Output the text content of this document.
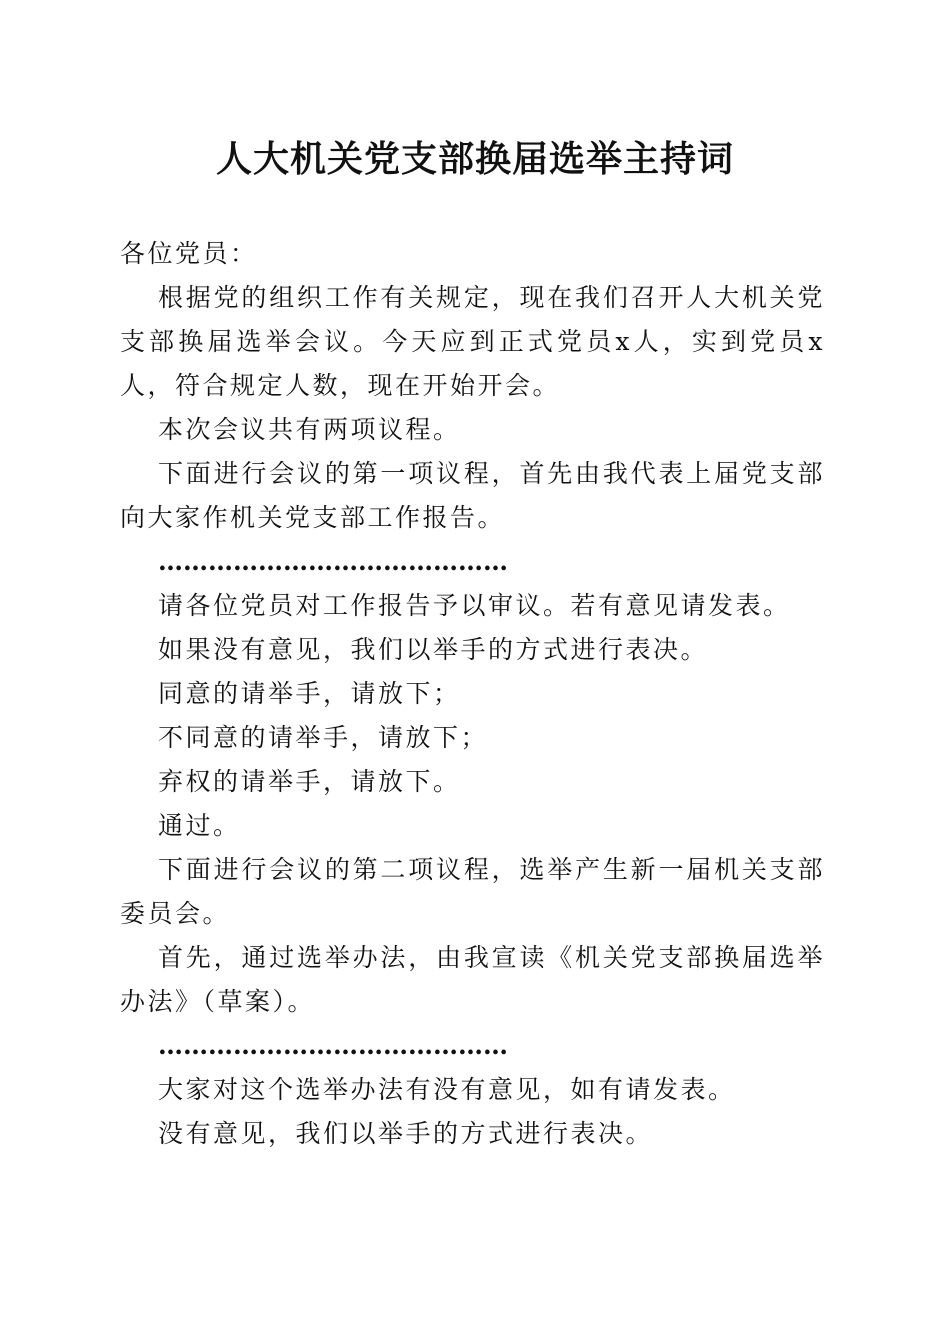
人大机关党支部换届选举主持词

各位党员：

根据党的组织工作有关规定，现在我们召开人大机关党支部换届选举会议。今天应到正式党员x人，实到党员x人，符合规定人数，现在开始开会。

本次会议共有两项议程。

下面进行会议的第一项议程，首先由我代表上届党支部向大家作机关党支部工作报告。

……………………………………

请各位党员对工作报告予以审议。若有意见请发表。

如果没有意见，我们以举手的方式进行表决。

同意的请举手，请放下；

不同意的请举手，请放下；

弃权的请举手，请放下。

通过。

下面进行会议的第二项议程，选举产生新一届机关支部委员会。

首先，通过选举办法，由我宣读《机关党支部换届选举办法》（草案）。

……………………………………

大家对这个选举办法有没有意见，如有请发表。

没有意见，我们以举手的方式进行表决。
